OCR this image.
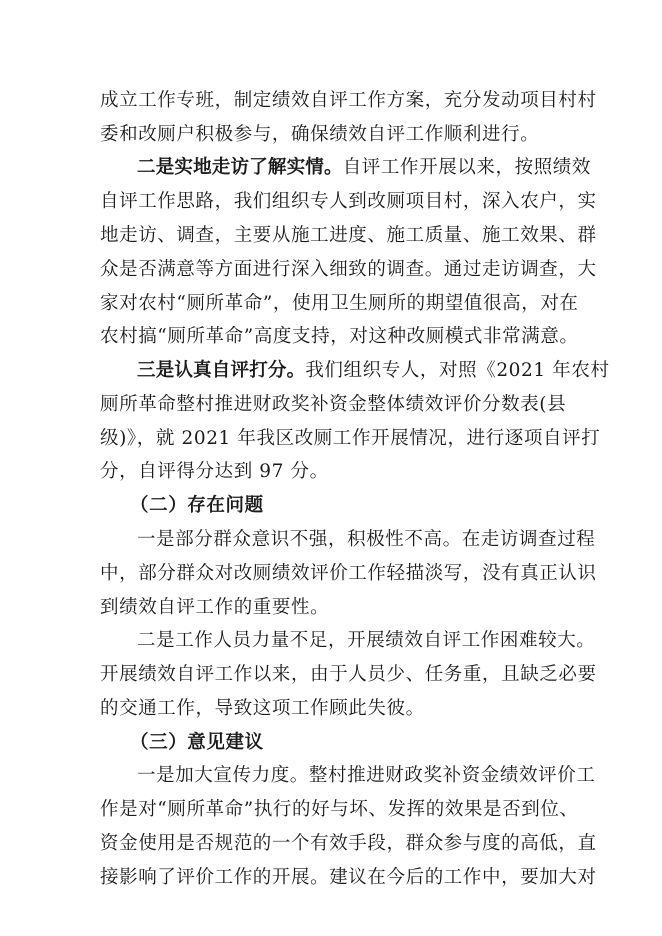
成立工作专班，制定绩效自评工作方案，充分发动项目村村
委和改厕户积极参与，确保绩效自评工作顺利进行。
二是实地走访了解实情。自评工作开展以来，按照绩效
自评工作思路，我们组织专人到改厕项目村，深入农户，实
地走访、调查，主要从施工进度、施工质量、施工效果、群
众是否满意等方面进行深入细致的调查。通过走访调查，大
家对农村“厕所革命”，使用卫生厕所的期望值很高，对在
农村搞“厕所革命”高度支持，对这种改厕模式非常满意。
三是认真自评打分。我们组织专人，对照《2021 年农村
厕所革命整村推进财政奖补资金整体绩效评价分数表(县
级)》，就 2021 年我区改厕工作开展情况，进行逐项自评打
分，自评得分达到 97 分。
（二）存在问题
一是部分群众意识不强，积极性不高。在走访调查过程
中，部分群众对改厕绩效评价工作轻描淡写，没有真正认识
到绩效自评工作的重要性。
二是工作人员力量不足，开展绩效自评工作困难较大。
开展绩效自评工作以来，由于人员少、任务重，且缺乏必要
的交通工作，导致这项工作顾此失彼。
（三）意见建议
一是加大宣传力度。整村推进财政奖补资金绩效评价工
作是对“厕所革命”执行的好与坏、发挥的效果是否到位、
资金使用是否规范的一个有效手段，群众参与度的高低，直
接影响了评价工作的开展。建议在今后的工作中，要加大对
